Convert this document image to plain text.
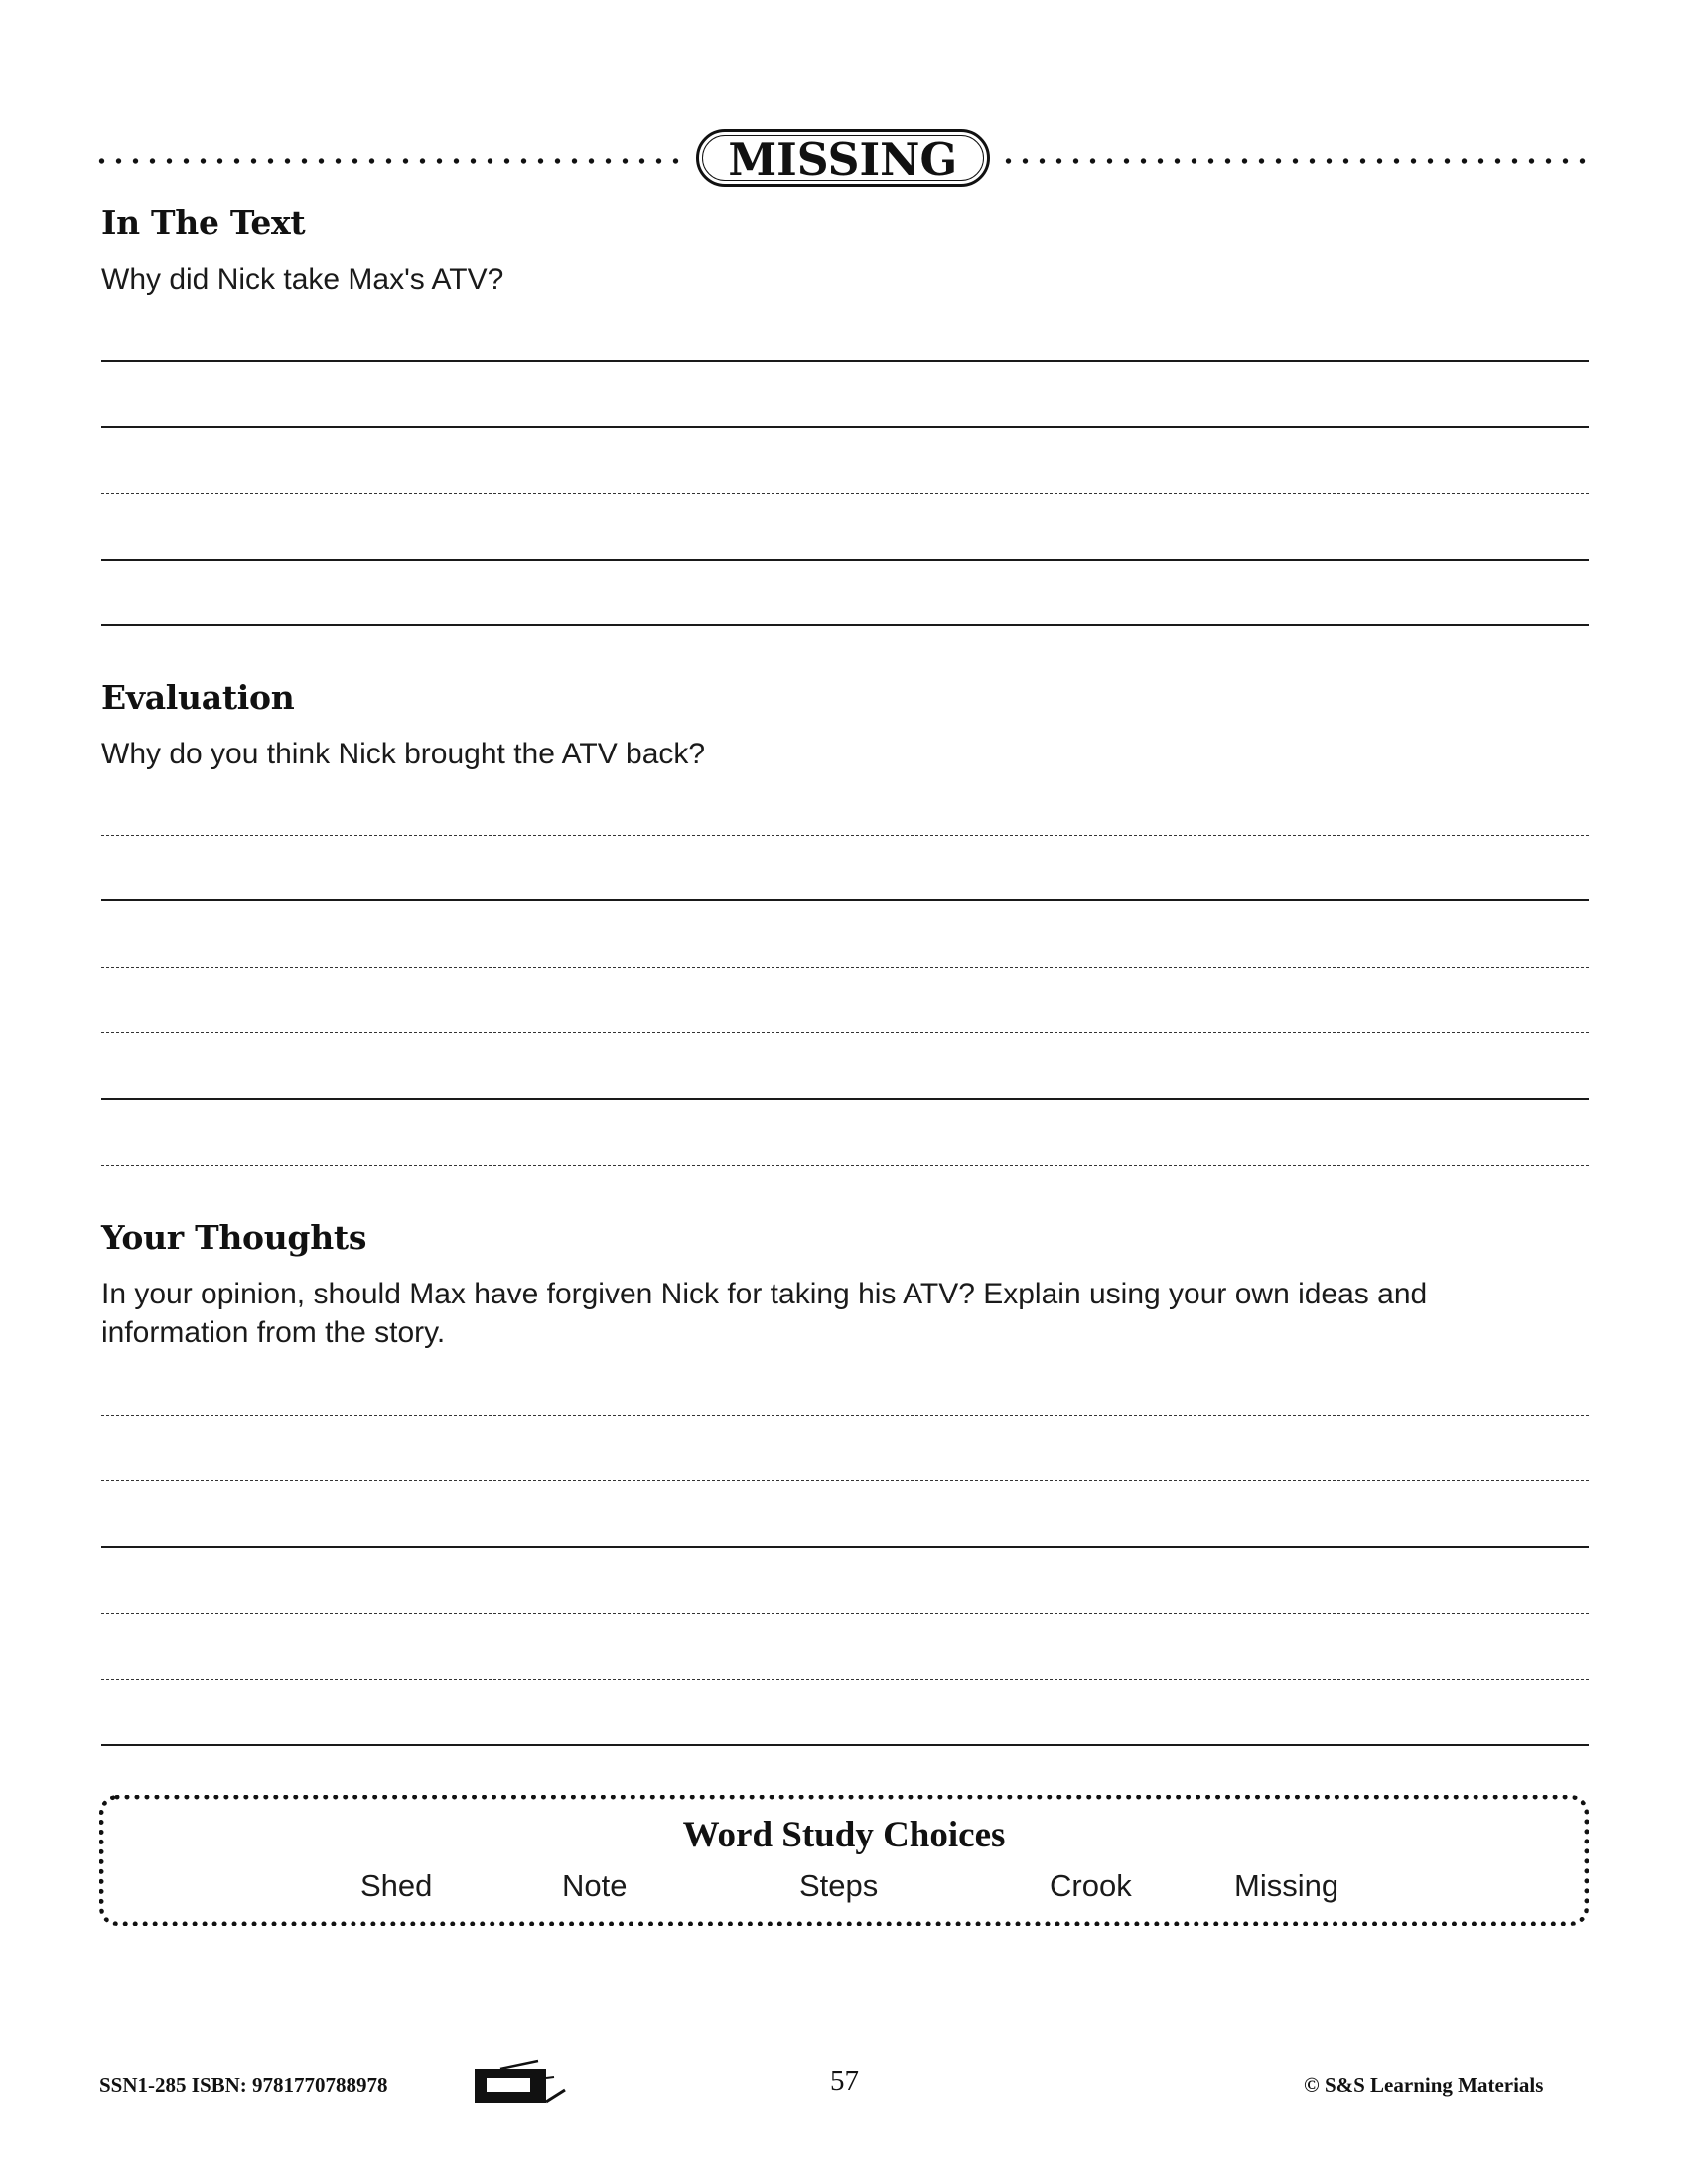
MISSING
In The Text
Why did Nick take Max's ATV?
Evaluation
Why do you think Nick brought the ATV back?
Your Thoughts
In your opinion, should Max have forgiven Nick for taking his ATV? Explain using your own ideas and
information from the story.
Word Study Choices
Shed	Note	Steps	Crook	Missing
SSN1-285 ISBN: 9781770788978	57	© S&S Learning Materials
